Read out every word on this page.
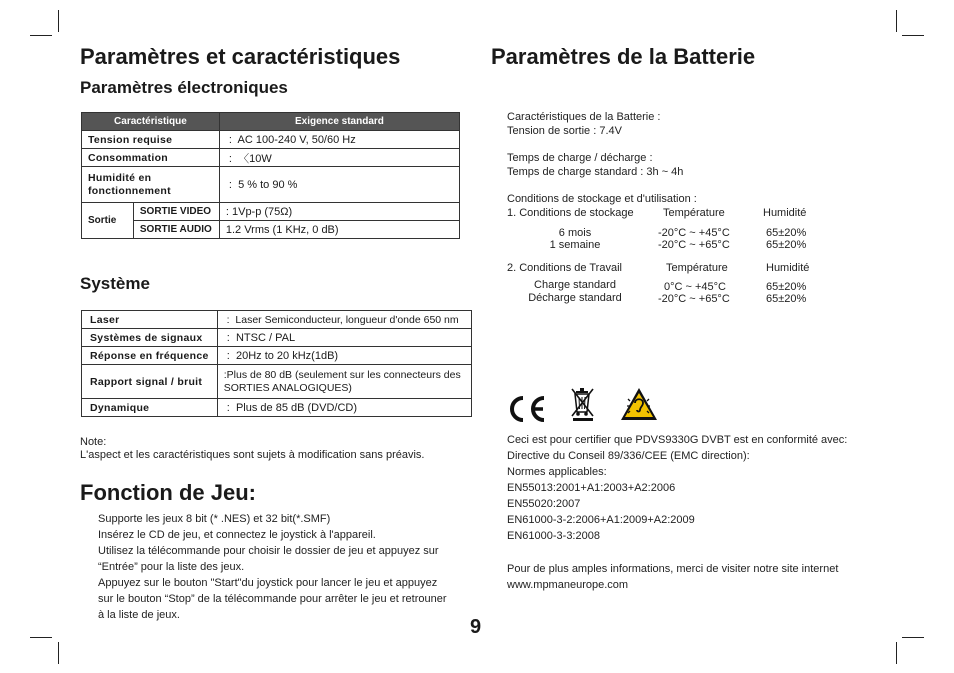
Paramètres et caractéristiques
Paramètres électroniques
Caractéristique		Exigence standard
Tension requise		:  AC 100-240 V, 50/60 Hz
Consommation		:  〈10W
Humidité en fonctionnement		:  5 % to 90 %
Sortie	SORTIE VIDEO	: 1Vp-p (75Ω)
	SORTIE AUDIO	1.2 Vrms (1 KHz, 0 dB)
Système
Laser	:  Laser Semiconducteur, longueur d'onde 650 nm
Systèmes de signaux	:  NTSC / PAL
Réponse en fréquence	:  20Hz to 20 kHz(1dB)
Rapport signal / bruit	:Plus de 80 dB (seulement sur les connecteurs des SORTIES ANALOGIQUES)
Dynamique	:  Plus de 85 dB (DVD/CD)
Note:
L'aspect et les caractéristiques sont sujets à modification sans préavis.
Fonction de Jeu:
Supporte les jeux 8 bit (* .NES) et 32 bit(*.SMF)
Insérez le CD de jeu, et connectez le joystick à l'appareil.
Utilisez la télécommande pour choisir le dossier de jeu et appuyez sur
“Entrée” pour la liste des jeux.
Appuyez sur le bouton "Start"du joystick pour lancer le jeu et appuyez
sur le bouton “Stop” de la télécommande pour arrêter le jeu et retrouner
à la liste de jeux.
Paramètres de la Batterie
Caractéristiques de la Batterie :
Tension de sortie : 7.4V
Temps de charge / décharge :
Temps de charge standard : 3h ~ 4h
Conditions de stockage et d'utilisation :
1. Conditions de stockage	Température	Humidité
6 mois	-20°C ~ +45°C	65±20%
1 semaine	-20°C ~ +65°C	65±20%
2. Conditions de Travail	Température	Humidité
Charge standard	0°C ~ +45°C	65±20%
Décharge standard	-20°C ~ +65°C	65±20%
Ceci est pour certifier que PDVS9330G DVBT est en conformité avec:
Directive du Conseil 89/336/CEE (EMC direction):
Normes applicables:
EN55013:2001+A1:2003+A2:2006
EN55020:2007
EN61000-3-2:2006+A1:2009+A2:2009
EN61000-3-3:2008
Pour de plus amples informations, merci de visiter notre site internet
www.mpmaneurope.com
9
